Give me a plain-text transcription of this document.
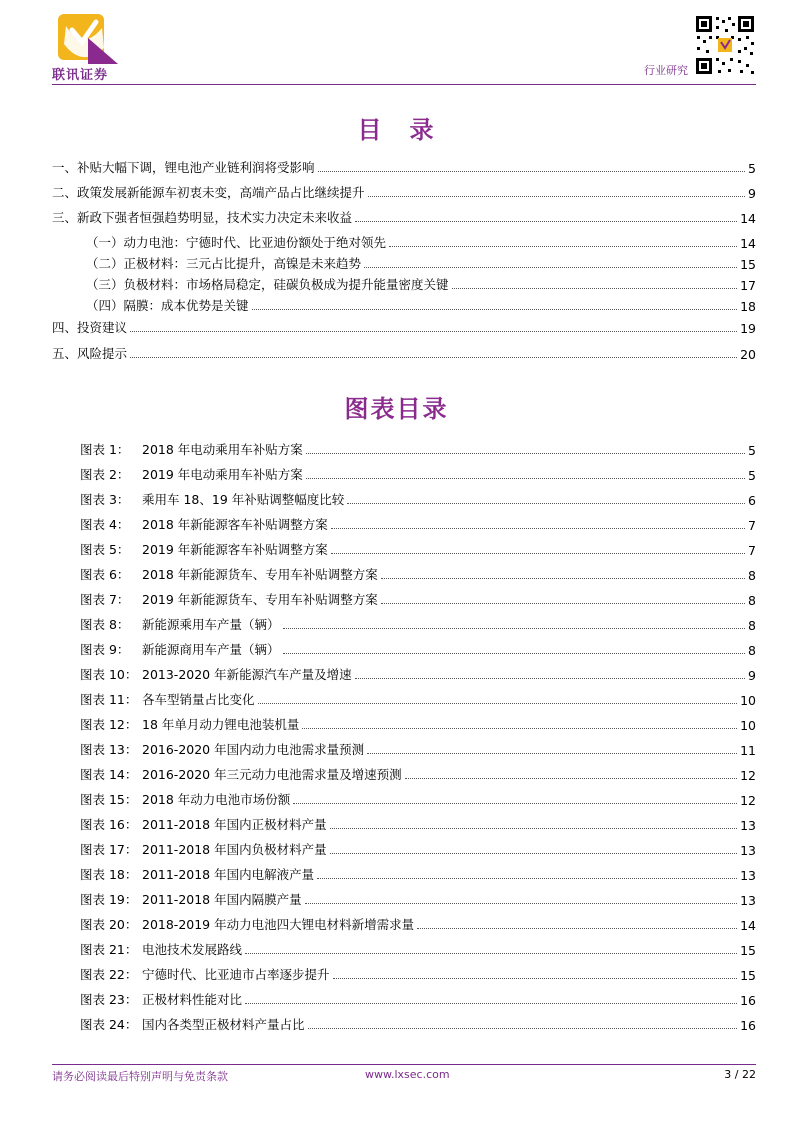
联讯证券	行业研究
目　录
一、补贴大幅下调，锂电池产业链利润将受影响	5
二、政策发展新能源车初衷未变，高端产品占比继续提升	9
三、新政下强者恒强趋势明显，技术实力决定未来收益	14
（一）动力电池：宁德时代、比亚迪份额处于绝对领先	14
（二）正极材料：三元占比提升，高镍是未来趋势	15
（三）负极材料：市场格局稳定，硅碳负极成为提升能量密度关键	17
（四）隔膜：成本优势是关键	18
四、投资建议	19
五、风险提示	20
图表目录
图表 1：	2018 年电动乘用车补贴方案	5
图表 2：	2019 年电动乘用车补贴方案	5
图表 3：	乘用车 18、19 年补贴调整幅度比较	6
图表 4：	2018 年新能源客车补贴调整方案	7
图表 5：	2019 年新能源客车补贴调整方案	7
图表 6：	2018 年新能源货车、专用车补贴调整方案	8
图表 7：	2019 年新能源货车、专用车补贴调整方案	8
图表 8：	新能源乘用车产量（辆）	8
图表 9：	新能源商用车产量（辆）	8
图表 10： 2013-2020 年新能源汽车产量及增速	9
图表 11： 各车型销量占比变化	10
图表 12： 18 年单月动力锂电池装机量	10
图表 13： 2016-2020 年国内动力电池需求量预测	11
图表 14： 2016-2020 年三元动力电池需求量及增速预测	12
图表 15： 2018 年动力电池市场份额	12
图表 16： 2011-2018 年国内正极材料产量	13
图表 17： 2011-2018 年国内负极材料产量	13
图表 18： 2011-2018 年国内电解液产量	13
图表 19： 2011-2018 年国内隔膜产量	13
图表 20： 2018-2019 年动力电池四大锂电材料新增需求量	14
图表 21： 电池技术发展路线	15
图表 22： 宁德时代、比亚迪市占率逐步提升	15
图表 23： 正极材料性能对比	16
图表 24： 国内各类型正极材料产量占比	16
请务必阅读最后特别声明与免责条款	www.lxsec.com	3 / 22
